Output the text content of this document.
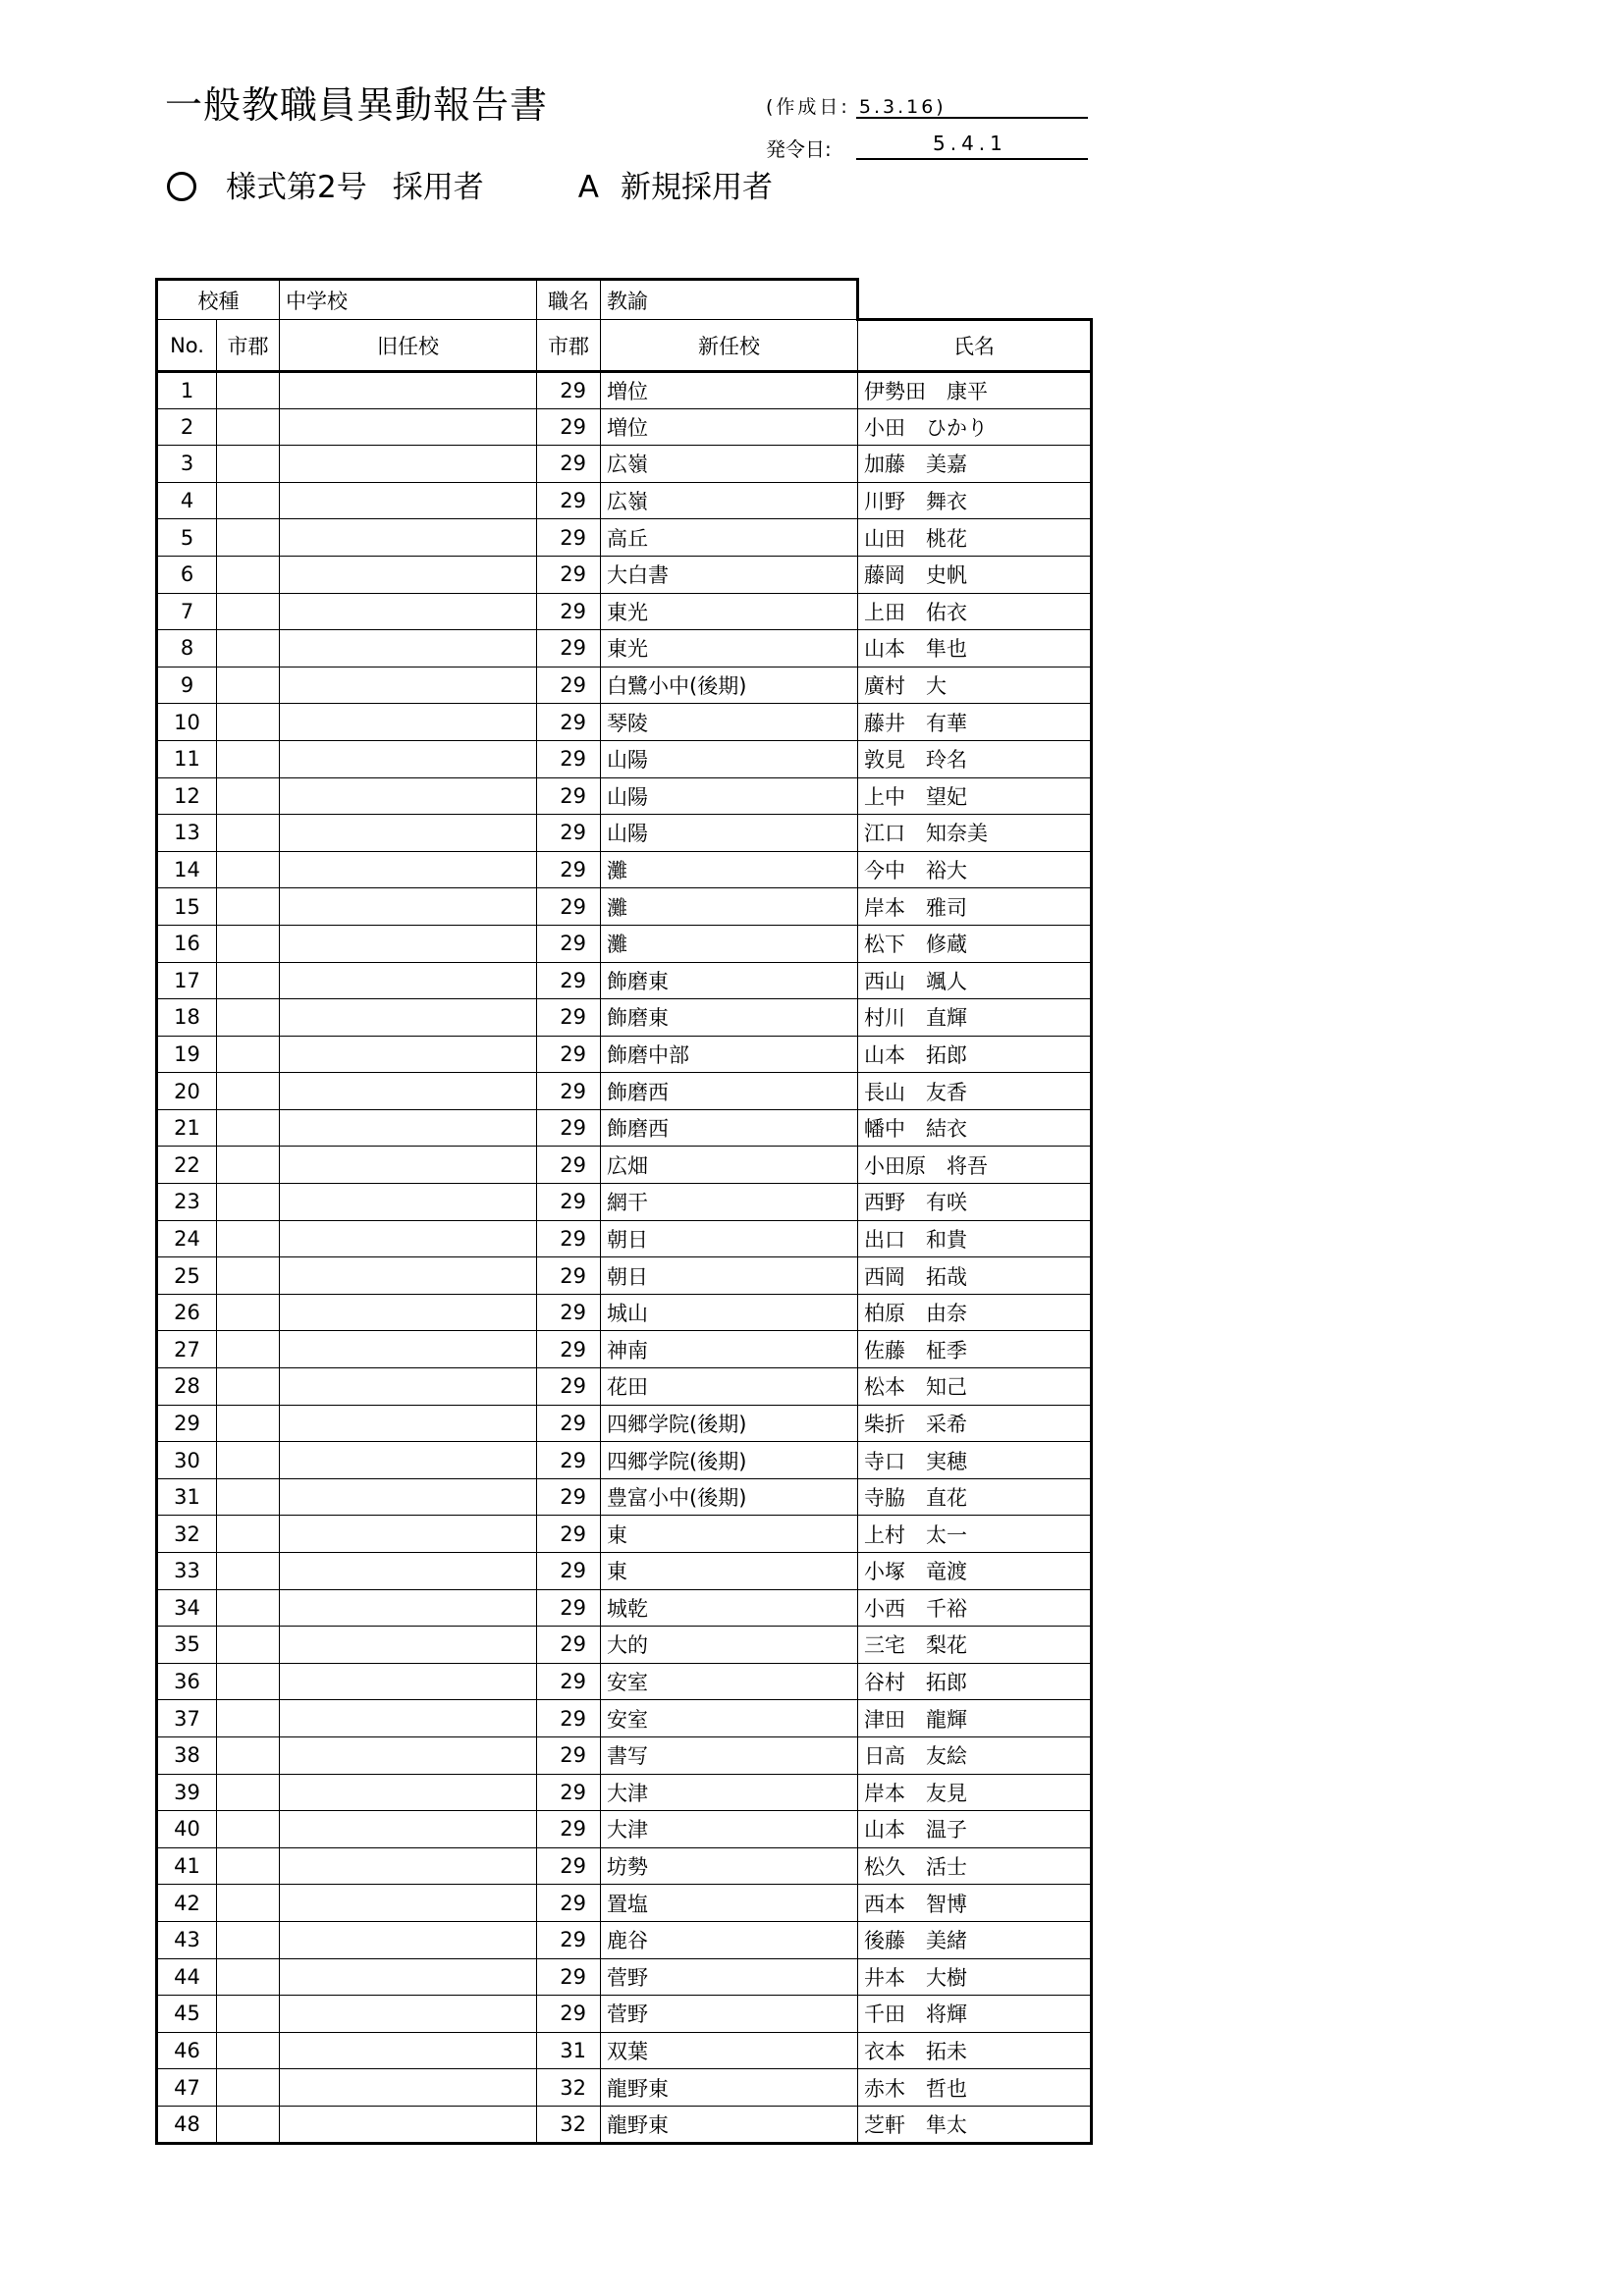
一般教職員異動報告書	(作成日: 5.3.16)
発令日:	5.4.1
様式第2号 採用者	A 新規採用者
校種		中学校	職名	教諭	
No.	市郡	旧任校	市郡	新任校	氏名
1			29	増位	伊勢田　康平
2			29	増位	小田　ひかり
3			29	広嶺	加藤　美嘉
4			29	広嶺	川野　舞衣
5			29	高丘	山田　桃花
6			29	大白書	藤岡　史帆
7			29	東光	上田　佑衣
8			29	東光	山本　隼也
9			29	白鷺小中(後期)	廣村　大
10			29	琴陵	藤井　有華
11			29	山陽	敦見　玲名
12			29	山陽	上中　望妃
13			29	山陽	江口　知奈美
14			29	灘	今中　裕大
15			29	灘	岸本　雅司
16			29	灘	松下　修蔵
17			29	飾磨東	西山　颯人
18			29	飾磨東	村川　直輝
19			29	飾磨中部	山本　拓郎
20			29	飾磨西	長山　友香
21			29	飾磨西	幡中　結衣
22			29	広畑	小田原　将吾
23			29	網干	西野　有咲
24			29	朝日	出口　和貴
25			29	朝日	西岡　拓哉
26			29	城山	柏原　由奈
27			29	神南	佐藤　柾季
28			29	花田	松本　知己
29			29	四郷学院(後期)	柴折　采希
30			29	四郷学院(後期)	寺口　実穂
31			29	豊富小中(後期)	寺脇　直花
32			29	東	上村　太一
33			29	東	小塚　竜渡
34			29	城乾	小西　千裕
35			29	大的	三宅　梨花
36			29	安室	谷村　拓郎
37			29	安室	津田　龍輝
38			29	書写	日高　友絵
39			29	大津	岸本　友見
40			29	大津	山本　温子
41			29	坊勢	松久　活士
42			29	置塩	西本　智博
43			29	鹿谷	後藤　美緒
44			29	菅野	井本　大樹
45			29	菅野	千田　将輝
46			31	双葉	衣本　拓未
47			32	龍野東	赤木　哲也
48			32	龍野東	芝軒　隼太
